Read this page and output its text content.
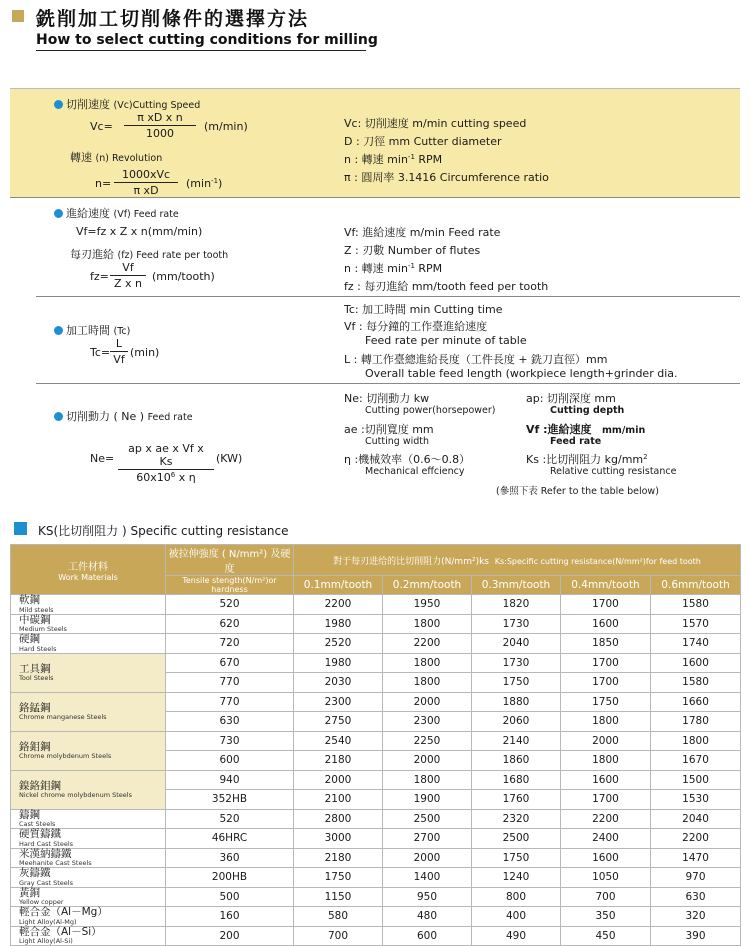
銑削加工切削條件的選擇方法
How to select cutting conditions for milling
切削速度 (Vc)Cutting Speed
$Vc= \frac{\text{π xD x n}}{1000} (m/\min)$
轉速 (n) Revolution
n=
1000xVc
π xD
$(\min^{-1})$
Vc: 切削速度 m/min cutting speed
D : 刀徑 mm Cutter diameter
n : 轉速 $\min^{-1}$ RPM
π : 圓周率 3.1416 Circumference ratio
進給速度 (Vf) Feed rate
Vf=fz x Z x n(mm/min)
每刃進給 (fz) Feed rate per tooth
$fz= \frac{Vf}{\text{Z x n}}$ (mm/tooth)
Vf: 進給速度 m/min Feed rate
Z : 刃數 Number of flutes
n : 轉速 $\min^{-1}$ RPM
fz : 每刃進給 mm/tooth feed per tooth
加工時間 (Tc)
$Tc= \frac{L}{Vf} (\min)$
Tc: 加工時間 min Cutting time
Vf : 每分鐘的工作臺進給速度
Feed rate per minute of table
L : 轉工作臺總進給長度（工件長度 + 銑刀直徑）mm
Overall table feed length (workpiece length+grinder dia.
切削動力 ( Ne ) Feed rate
$Ne= \frac{\text{ap x ae x Vf x Ks}}{60x10^6 x \eta} (KW)$
Ne: 切削動力 kw
Cutting power(horsepower)
ae :切削寬度 mm
Cutting width
η :機械效率（0.6～0.8）
Mechanical effciency
ap: 切削深度 mm
Cutting depth
Vf :進給速度 mm/min
Feed rate
Ks :比切削阻力 $kg/mm^2$
Relative cutting resistance
(參照下表 Refer to the table below)
KS(比切削阻力 ) Specific cutting resistance
工件材料
Work Materials	被拉伸強度 ( N/mm²) 及硬度	對于每刃进给的比切削阻力(N/mm²)ks Ks:Specific cutting resistance(N/mm²)for feed tooth				
	Tensile stength(N/m²)or hardness	0.1mm/tooth	0.2mm/tooth	0.3mm/tooth	0.4mm/tooth	0.6mm/tooth

軟鋼
Mild steels	520	2200	1950	1820	1700	1580

中碳鋼
Medium Steels	620	1980	1800	1730	1600	1570

硬鋼
Hard Steels	720	2520	2200	2040	1850	1740

工具鋼
Tool Steels	670	1980	1800	1730	1700	1600
	770	2030	1800	1750	1700	1580

鉻錳鋼
Chrome manganese Steels	770	2300	2000	1880	1750	1660
	630	2750	2300	2060	1800	1780

鉻鉬鋼
Chrome molybdenum Steels	730	2540	2250	2140	2000	1800
	600	2180	2000	1860	1800	1670

鎳鉻鉬鋼
Nickel chrome molybdenum Steels	940	2000	1800	1680	1600	1500
	352HB	2100	1900	1760	1700	1530

鑄鋼
Cast Steels	520	2800	2500	2320	2200	2040

硬質鑄鐵
Hard Cast Steels	46HRC	3000	2700	2500	2400	2200

米漢納鑄鐵
Meehanite Cast Steels	360	2180	2000	1750	1600	1470

灰鑄鐵
Gray Cast Steels	200HB	1750	1400	1240	1050	970

黃銅
Yellow copper	500	1150	950	800	700	630

輕合金（Al－Mg）
Light Alloy(Al-Mg)	160	580	480	400	350	320

輕合金（Al－Si）
Light Alloy(Al-Si)	200	700	600	490	450	390
